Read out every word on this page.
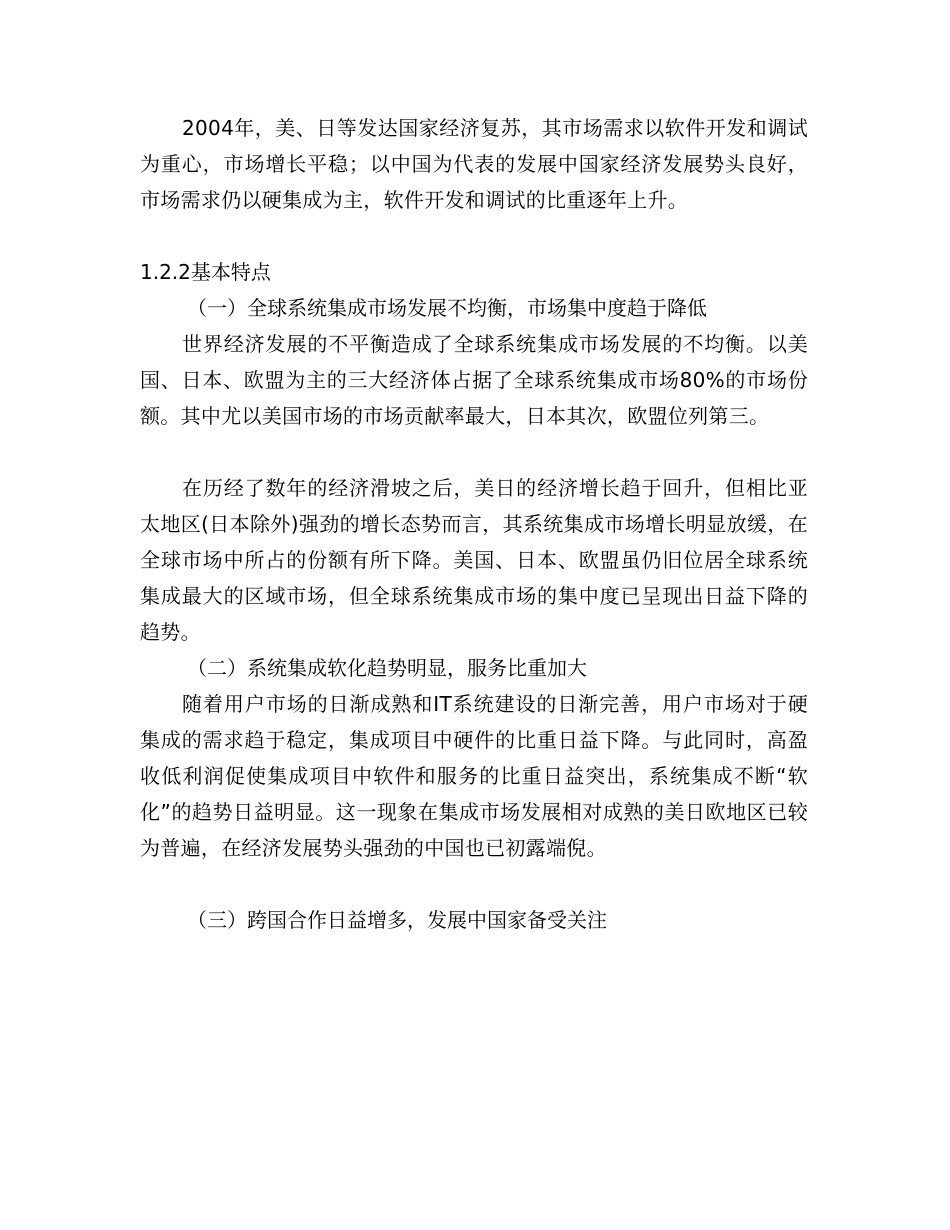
2004年，美、日等发达国家经济复苏，其市场需求以软件开发和调试为重心，市场增长平稳；以中国为代表的发展中国家经济发展势头良好，市场需求仍以硬集成为主，软件开发和调试的比重逐年上升。

1.2.2基本特点

（一）全球系统集成市场发展不均衡，市场集中度趋于降低

世界经济发展的不平衡造成了全球系统集成市场发展的不均衡。以美国、日本、欧盟为主的三大经济体占据了全球系统集成市场80%的市场份额。其中尤以美国市场的市场贡献率最大，日本其次，欧盟位列第三。

在历经了数年的经济滑坡之后，美日的经济增长趋于回升，但相比亚太地区(日本除外)强劲的增长态势而言，其系统集成市场增长明显放缓，在全球市场中所占的份额有所下降。美国、日本、欧盟虽仍旧位居全球系统集成最大的区域市场，但全球系统集成市场的集中度已呈现出日益下降的趋势。

（二）系统集成软化趋势明显，服务比重加大

随着用户市场的日渐成熟和IT系统建设的日渐完善，用户市场对于硬集成的需求趋于稳定，集成项目中硬件的比重日益下降。与此同时，高盈收低利润促使集成项目中软件和服务的比重日益突出，系统集成不断“软化”的趋势日益明显。这一现象在集成市场发展相对成熟的美日欧地区已较为普遍，在经济发展势头强劲的中国也已初露端倪。

（三）跨国合作日益增多，发展中国家备受关注
